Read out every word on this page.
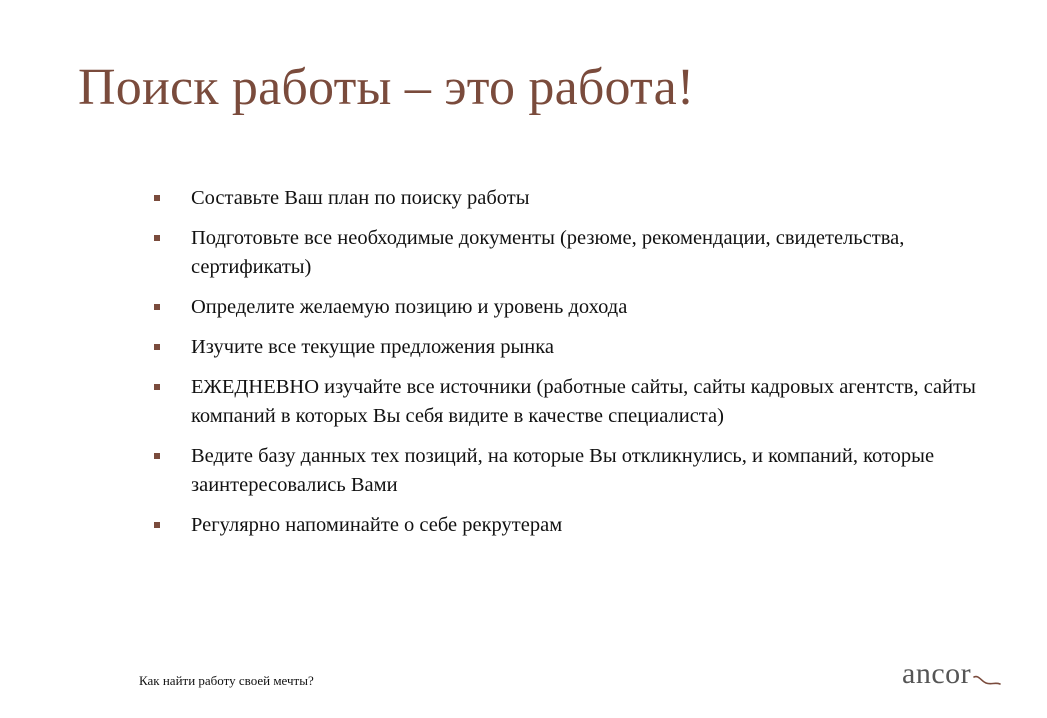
Поиск работы – это работа!
Составьте Ваш план по поиску работы
Подготовьте все необходимые документы (резюме, рекомендации, свидетельства, сертификаты)
Определите желаемую позицию и уровень дохода
Изучите все текущие предложения рынка
ЕЖЕДНЕВНО изучайте все источники (работные сайты, сайты кадровых агентств, сайты компаний в которых Вы себя видите в качестве специалиста)
Ведите базу данных тех позиций, на которые Вы откликнулись, и компаний, которые заинтересовались Вами
Регулярно напоминайте о себе рекрутерам
Как найти работу своей мечты?	ancor
